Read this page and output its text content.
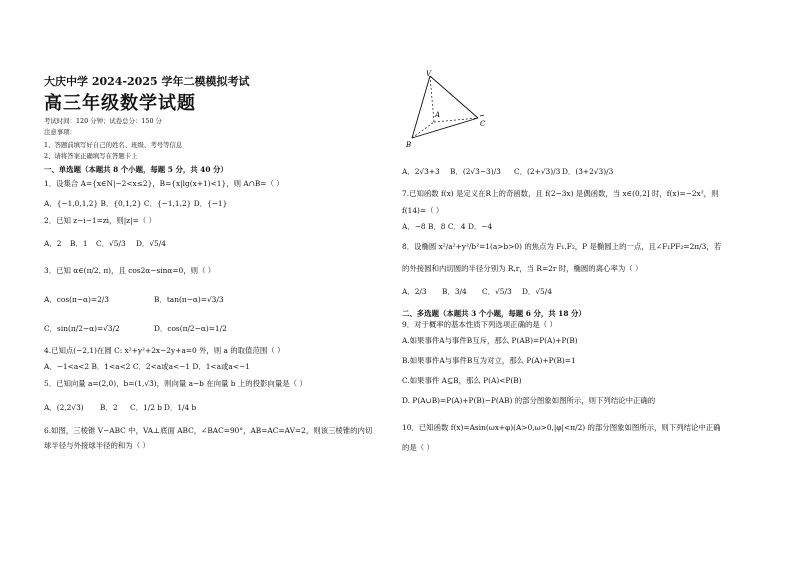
大庆中学 2024-2025 学年二模模拟考试
高三年级数学试题
考试时间：120 分钟；试卷总分：150 分
注意事项：
1、答题前填写好自己的姓名、班级、考号等信息
2、请将答案正确填写在答题卡上
一、单选题（本题共 8 个小题，每题 5 分，共 40 分）
1．设集合 A={x∈N|−2<x≤2}，B={x|lg(x+1)<1}，则 A∩B=（ ）
A．{−1,0,1,2} B．{0,1,2} C．{−1,1,2} D．{−1}
2．已知 z−i−1=zi，则|z|=（ ）
A．2 B．1 C．√5/3 D．√5/4
3．已知 α∈(π/2, π)，且 cos2α−sinα=0，则（ ）
A．cos(π−α)=2/3	B．tan(π−α)=√3/3
C．sin(π/2−α)=√3/2	D．cos(π/2−α)=1/2
4.已知点(−2,1)在圆 C: x²+y²+2x−2y+a=0 外，则 a 的取值范围（ ）
A．−1<a<2 B．1<a<2 C．2<a或a<−1 D．1<a或a<−1
5．已知向量 a=(2,0)，b=(1,√3)，则向量 a−b 在向量 b 上的投影向量是（ ）
A．(2,2√3) B．2 C．1/2 b D．1/4 b
6.如图，三棱锥 V−ABC 中，VA⊥底面 ABC，∠BAC=90°，AB=AC=AV=2，则该三棱锥的内切
球半径与外接球半径的和为（ ）
V
A
B
C
A．2√3+3 B．(2√3−3)/3 C．(2+√3)/3 D．(3+2√3)/3
7.已知函数 f(x) 是定义在R上的奇函数，且 f(2−3x) 是偶函数，当 x∈(0,2] 时，f(x)=−2x²，则
f(14)=（ ）
A．−8 B．8 C．4 D．−4
8．设椭圆 x²/a²+y²/b²=1(a>b>0) 的焦点为 F₁,F₂，P 是椭圆上的一点，且∠F₁PF₂=2π/3，若
的外接圆和内切圆的半径分别为 R,r，当 R=2r 时，椭圆的离心率为（ ）
A．2/3 B．3/4 C．√5/3 D．√5/4
二、多选题（本题共 3 个小题，每题 6 分，共 18 分）
9．对于概率的基本性质下列选项正确的是（ ）
A.如果事件A与事件B互斥，那么 P(AB)=P(A)+P(B)
B.如果事件A与事件B互为对立，那么 P(A)+P(B)=1
C.如果事件 A⊆B，那么 P(A)<P(B)
D. P(A∪B)=P(A)+P(B)−P(AB) 的部分图象如图所示，则下列结论中正确的
10．已知函数 f(x)=Asin(ωx+φ)(A>0,ω>0,|φ|<π/2) 的部分图象如图所示，则下列结论中正确
的是（ ）
